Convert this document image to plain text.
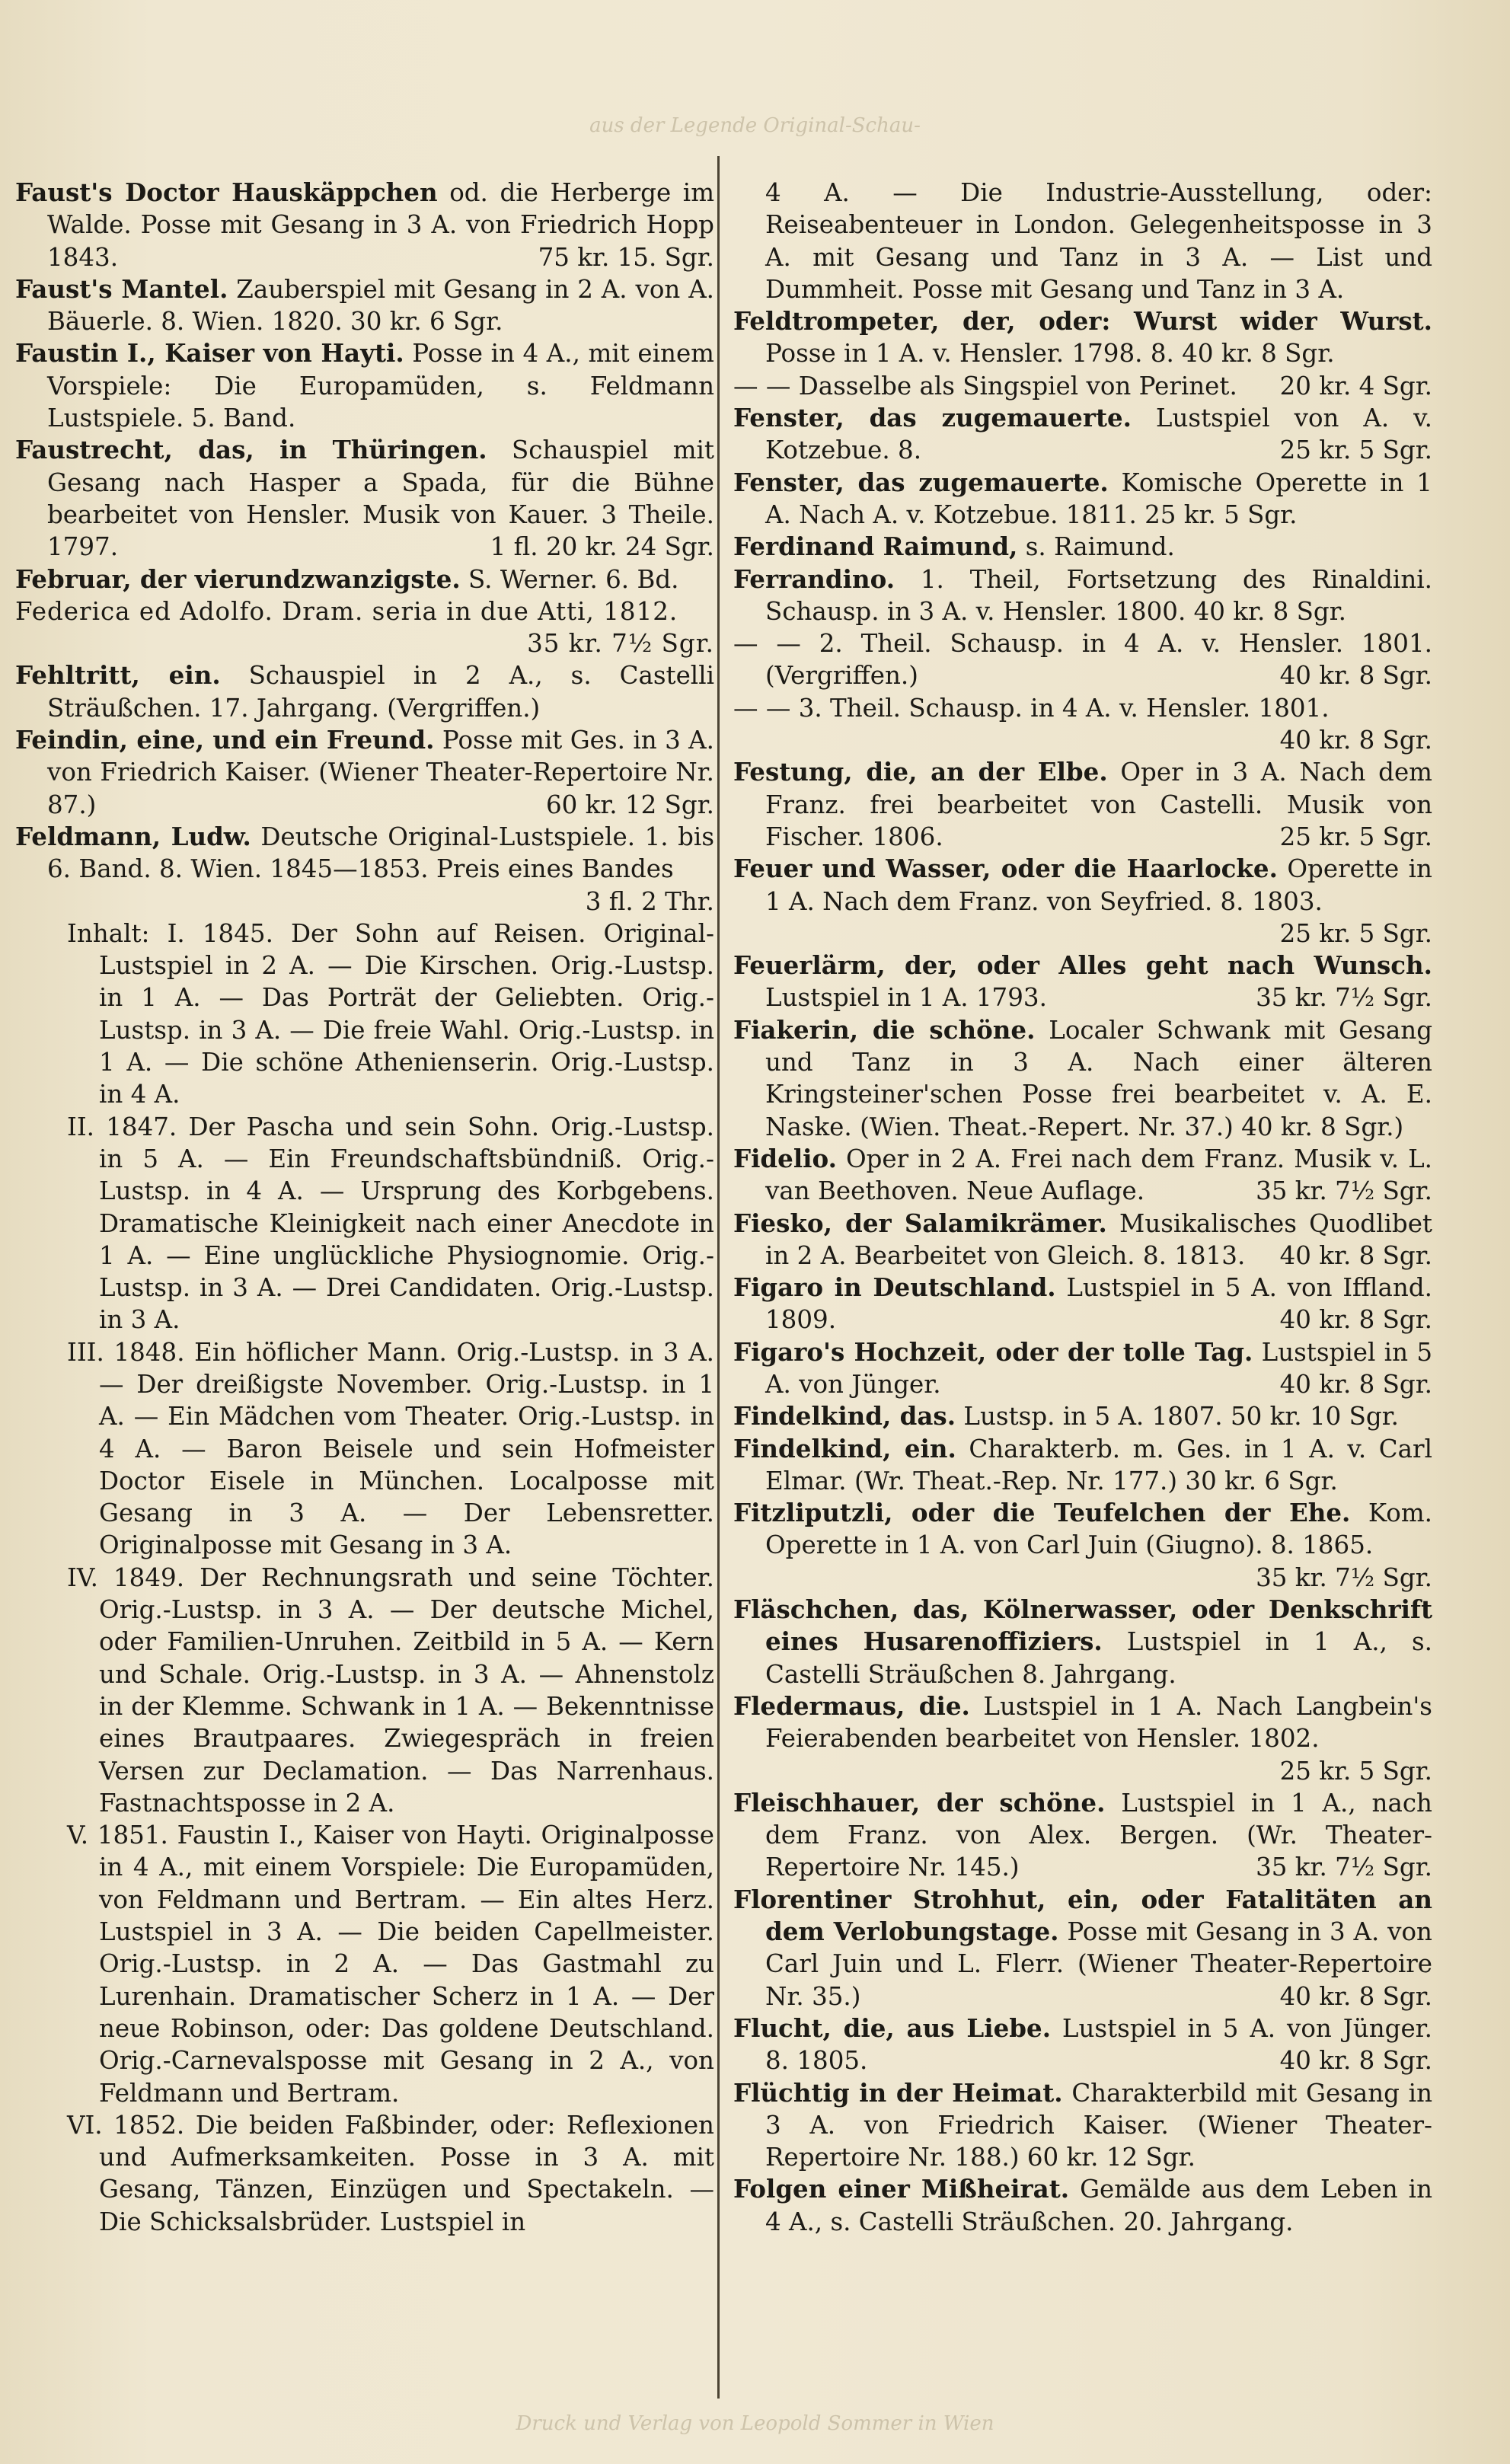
aus der Legende Original-Schau-

Faust's Doctor Hauskäppchen od. die Herberge im Walde. Posse mit Gesang in 3 A. von Friedrich Hopp 1843.	75 kr. 15. Sgr.

Faust's Mantel. Zauberspiel mit Gesang in 2 A. von A. Bäuerle. 8. Wien. 1820. 30 kr. 6 Sgr.

Faustin I., Kaiser von Hayti. Posse in 4 A., mit einem Vorspiele: Die Europamüden, s. Feldmann Lustspiele. 5. Band.

Faustrecht, das, in Thüringen. Schauspiel mit Gesang nach Hasper a Spada, für die Bühne bearbeitet von Hensler. Musik von Kauer. 3 Theile. 1797.	1 fl. 20 kr. 24 Sgr.

Februar, der vierundzwanzigste. S. Werner. 6. Bd.

Federica ed Adolfo. Dram. seria in due Atti, 1812.
35 kr. 7½ Sgr.

Fehltritt, ein. Schauspiel in 2 A., s. Castelli Sträußchen. 17. Jahrgang. (Vergriffen.)

Feindin, eine, und ein Freund. Posse mit Ges. in 3 A. von Friedrich Kaiser. (Wiener Theater-Repertoire Nr. 87.)	60 kr. 12 Sgr.

Feldmann, Ludw. Deutsche Original-Lustspiele. 1. bis 6. Band. 8. Wien. 1845—1853. Preis eines Bandes
3 fl. 2 Thr.

Inhalt: I. 1845. Der Sohn auf Reisen. Original-Lustspiel in 2 A. — Die Kirschen. Orig.-Lustsp. in 1 A. — Das Porträt der Geliebten. Orig.-Lustsp. in 3 A. — Die freie Wahl. Orig.-Lustsp. in 1 A. — Die schöne Athenienserin. Orig.-Lustsp. in 4 A.

II. 1847. Der Pascha und sein Sohn. Orig.-Lustsp. in 5 A. — Ein Freundschaftsbündniß. Orig.-Lustsp. in 4 A. — Ursprung des Korbgebens. Dramatische Kleinigkeit nach einer Anecdote in 1 A. — Eine unglückliche Physiognomie. Orig.-Lustsp. in 3 A. — Drei Candidaten. Orig.-Lustsp. in 3 A.

III. 1848. Ein höflicher Mann. Orig.-Lustsp. in 3 A. — Der dreißigste November. Orig.-Lustsp. in 1 A. — Ein Mädchen vom Theater. Orig.-Lustsp. in 4 A. — Baron Beisele und sein Hofmeister Doctor Eisele in München. Localposse mit Gesang in 3 A. — Der Lebensretter. Originalposse mit Gesang in 3 A.

IV. 1849. Der Rechnungsrath und seine Töchter. Orig.-Lustsp. in 3 A. — Der deutsche Michel, oder Familien-Unruhen. Zeitbild in 5 A. — Kern und Schale. Orig.-Lustsp. in 3 A. — Ahnenstolz in der Klemme. Schwank in 1 A. — Bekenntnisse eines Brautpaares. Zwiegespräch in freien Versen zur Declamation. — Das Narrenhaus. Fastnachtsposse in 2 A.

V. 1851. Faustin I., Kaiser von Hayti. Originalposse in 4 A., mit einem Vorspiele: Die Europamüden, von Feldmann und Bertram. — Ein altes Herz. Lustspiel in 3 A. — Die beiden Capellmeister. Orig.-Lustsp. in 2 A. — Das Gastmahl zu Lurenhain. Dramatischer Scherz in 1 A. — Der neue Robinson, oder: Das goldene Deutschland. Orig.-Carnevalsposse mit Gesang in 2 A., von Feldmann und Bertram.

VI. 1852. Die beiden Faßbinder, oder: Reflexionen und Aufmerksamkeiten. Posse in 3 A. mit Gesang, Tänzen, Einzügen und Spectakeln. — Die Schicksalsbrüder. Lustspiel in

4 A. — Die Industrie-Ausstellung, oder: Reiseabenteuer in London. Gelegenheitsposse in 3 A. mit Gesang und Tanz in 3 A. — List und Dummheit. Posse mit Gesang und Tanz in 3 A.

Feldtrompeter, der, oder: Wurst wider Wurst. Posse in 1 A. v. Hensler. 1798. 8. 40 kr. 8 Sgr.

— — Dasselbe als Singspiel von Perinet. 20 kr. 4 Sgr.

Fenster, das zugemauerte. Lustspiel von A. v. Kotzebue. 8.	25 kr. 5 Sgr.

Fenster, das zugemauerte. Komische Operette in 1 A. Nach A. v. Kotzebue. 1811. 25 kr. 5 Sgr.

Ferdinand Raimund, s. Raimund.

Ferrandino. 1. Theil, Fortsetzung des Rinaldini. Schausp. in 3 A. v. Hensler. 1800. 40 kr. 8 Sgr.

— — 2. Theil. Schausp. in 4 A. v. Hensler. 1801. (Vergriffen.)	40 kr. 8 Sgr.

— — 3. Theil. Schausp. in 4 A. v. Hensler. 1801.
40 kr. 8 Sgr.

Festung, die, an der Elbe. Oper in 3 A. Nach dem Franz. frei bearbeitet von Castelli. Musik von Fischer. 1806.	25 kr. 5 Sgr.

Feuer und Wasser, oder die Haarlocke. Operette in 1 A. Nach dem Franz. von Seyfried. 8. 1803.
25 kr. 5 Sgr.

Feuerlärm, der, oder Alles geht nach Wunsch. Lustspiel in 1 A. 1793.	35 kr. 7½ Sgr.

Fiakerin, die schöne. Localer Schwank mit Gesang und Tanz in 3 A. Nach einer älteren Kringsteiner'schen Posse frei bearbeitet v. A. E. Naske. (Wien. Theat.-Repert. Nr. 37.) 40 kr. 8 Sgr.)

Fidelio. Oper in 2 A. Frei nach dem Franz. Musik v. L. van Beethoven. Neue Auflage.	35 kr. 7½ Sgr.

Fiesko, der Salamikrämer. Musikalisches Quodlibet in 2 A. Bearbeitet von Gleich. 8. 1813. 40 kr. 8 Sgr.

Figaro in Deutschland. Lustspiel in 5 A. von Iffland. 1809.	40 kr. 8 Sgr.

Figaro's Hochzeit, oder der tolle Tag. Lustspiel in 5 A. von Jünger.	40 kr. 8 Sgr.

Findelkind, das. Lustsp. in 5 A. 1807. 50 kr. 10 Sgr.

Findelkind, ein. Charakterb. m. Ges. in 1 A. v. Carl Elmar. (Wr. Theat.-Rep. Nr. 177.) 30 kr. 6 Sgr.

Fitzliputzli, oder die Teufelchen der Ehe. Kom. Operette in 1 A. von Carl Juin (Giugno). 8. 1865.
35 kr. 7½ Sgr.

Fläschchen, das, Kölnerwasser, oder Denkschrift eines Husarenoffiziers. Lustspiel in 1 A., s. Castelli Sträußchen 8. Jahrgang.

Fledermaus, die. Lustspiel in 1 A. Nach Langbein's Feierabenden bearbeitet von Hensler. 1802.
25 kr. 5 Sgr.

Fleischhauer, der schöne. Lustspiel in 1 A., nach dem Franz. von Alex. Bergen. (Wr. Theater-Repertoire Nr. 145.)	35 kr. 7½ Sgr.

Florentiner Strohhut, ein, oder Fatalitäten an dem Verlobungstage. Posse mit Gesang in 3 A. von Carl Juin und L. Flerr. (Wiener Theater-Repertoire Nr. 35.)	40 kr. 8 Sgr.

Flucht, die, aus Liebe. Lustspiel in 5 A. von Jünger. 8. 1805.	40 kr. 8 Sgr.

Flüchtig in der Heimat. Charakterbild mit Gesang in 3 A. von Friedrich Kaiser. (Wiener Theater-Repertoire Nr. 188.) 60 kr. 12 Sgr.

Folgen einer Mißheirat. Gemälde aus dem Leben in 4 A., s. Castelli Sträußchen. 20. Jahrgang.

Druck und Verlag von Leopold Sommer in Wien
